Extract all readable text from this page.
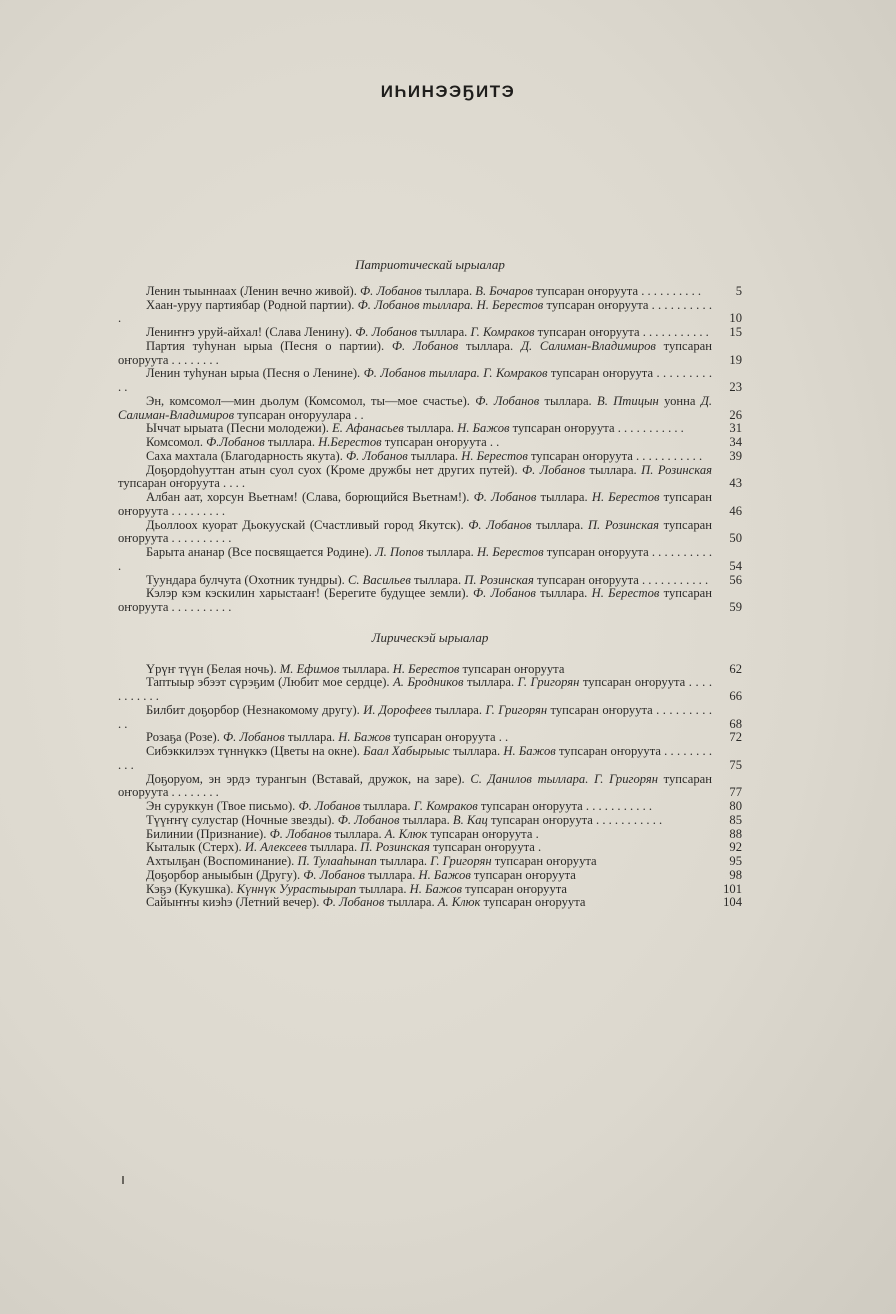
ИҺИНЭЭҔИТЭ
Патриотическай ырыалар
Ленин тыыннаах (Ленин вечно живой). Ф. Лобанов тыллара. В. Бочаров тупсаран оҥоруута . . . . . . . . . .	5
Хаан-уруу партиябар (Родной партии). Ф. Лобанов тыллара. Н. Берестов тупсаран оҥоруута . . . . . . . . . . .	10
Лениҥҥэ уруй-айхал! (Слава Ленину). Ф. Лобанов тыллара. Г. Комраков тупсаран оҥоруута . . . . . . . . . . .	15
Партия туһунан ырыа (Песня о партии). Ф. Лобанов тыллара. Д. Салиман-Владимиров тупсаран оҥоруута . . . . . . . .	19
Ленин туһунан ырыа (Песня о Ленине). Ф. Лобанов тыллара. Г. Комраков тупсаран оҥоруута . . . . . . . . . . .	23
Эн, комсомол—мин дьолум (Комсомол, ты—мое счастье). Ф. Лобанов тыллара. В. Птицын уонна Д. Салиман-Владимиров тупсаран оҥоруулара . .	26
Ыччат ырыата (Песни молодежи). Е. Афанасьев тыллара. Н. Бажов тупсаран оҥоруута . . . . . . . . . . .	31
Комсомол. Ф.Лобанов тыллара. Н.Берестов тупсаран оҥоруута . .	34
Саха махтала (Благодарность якута). Ф. Лобанов тыллара. Н. Берестов тупсаран оҥоруута . . . . . . . . . . .	39
Доҕордоһууттан атын суол суох (Кроме дружбы нет других путей). Ф. Лобанов тыллара. П. Розинская тупсаран оҥоруута . . . .	43
Албан аат, хорсун Вьетнам! (Слава, борющийся Вьетнам!). Ф. Лобанов тыллара. Н. Берестов тупсаран оҥоруута . . . . . . . . .	46
Дьоллоох куорат Дьокуускай (Счастливый город Якутск). Ф. Лобанов тыллара. П. Розинская тупсаран оҥоруута . . . . . . . . . .	50
Барыта ананар (Все посвящается Родине). Л. Попов тыллара. Н. Берестов тупсаран оҥоруута . . . . . . . . . . .	54
Туундара булчута (Охотник тундры). С. Васильев тыллара. П. Розинская тупсаран оҥоруута . . . . . . . . . . .	56
Кэлэр кэм кэскилин харыстааҥ! (Берегите будущее земли). Ф. Лобанов тыллара. Н. Берестов тупсаран оҥоруута . . . . . . . . . .	59
Лирическэй ырыалар
Үрүҥ түүн (Белая ночь). М. Ефимов тыллара. Н. Берестов тупсаран оҥоруута	62
Таптыыр эбээт сүрэҕим (Любит мое сердце). А. Бродников тыллара. Г. Григорян тупсаран оҥоруута . . . . . . . . . . .	66
Билбит доҕорбор (Незнакомому другу). И. Дорофеев тыллара. Г. Григорян тупсаран оҥоруута . . . . . . . . . . .	68
Розаҕа (Розе). Ф. Лобанов тыллара. Н. Бажов тупсаран оҥоруута . .	72
Сибэккилээх түннүккэ (Цветы на окне). Баал Хабырыыс тыллара. Н. Бажов тупсаран оҥоруута . . . . . . . . . . .	75
Доҕоруом, эн эрдэ турангын (Вставай, дружок, на заре). С. Данилов тыллара. Г. Григорян тупсаран оҥоруута . . . . . . . .	77
Эн суруккун (Твое письмо). Ф. Лобанов тыллара. Г. Комраков тупсаран оҥоруута . . . . . . . . . . .	80
Түүҥҥү сулустар (Ночные звезды). Ф. Лобанов тыллара. В. Кац тупсаран оҥоруута . . . . . . . . . . .	85
Билинии (Признание). Ф. Лобанов тыллара. А. Клюк тупсаран оҥоруута .	88
Кыталык (Стерх). И. Алексеев тыллара. П. Розинская тупсаран оҥоруута .	92
Ахтылҕан (Воспоминание). П. Тулааһынап тыллара. Г. Григорян тупсаран оҥоруута	95
Доҕорбор аныыбын (Другу). Ф. Лобанов тыллара. Н. Бажов тупсаран оҥоруута	98
Кэҕэ (Кукушка). Күннүк Уурастыырап тыллара. Н. Бажов тупсаран оҥоруута	101
Сайыҥҥы киэһэ (Летний вечер). Ф. Лобанов тыллара. А. Клюк тупсаран оҥоруута	104
